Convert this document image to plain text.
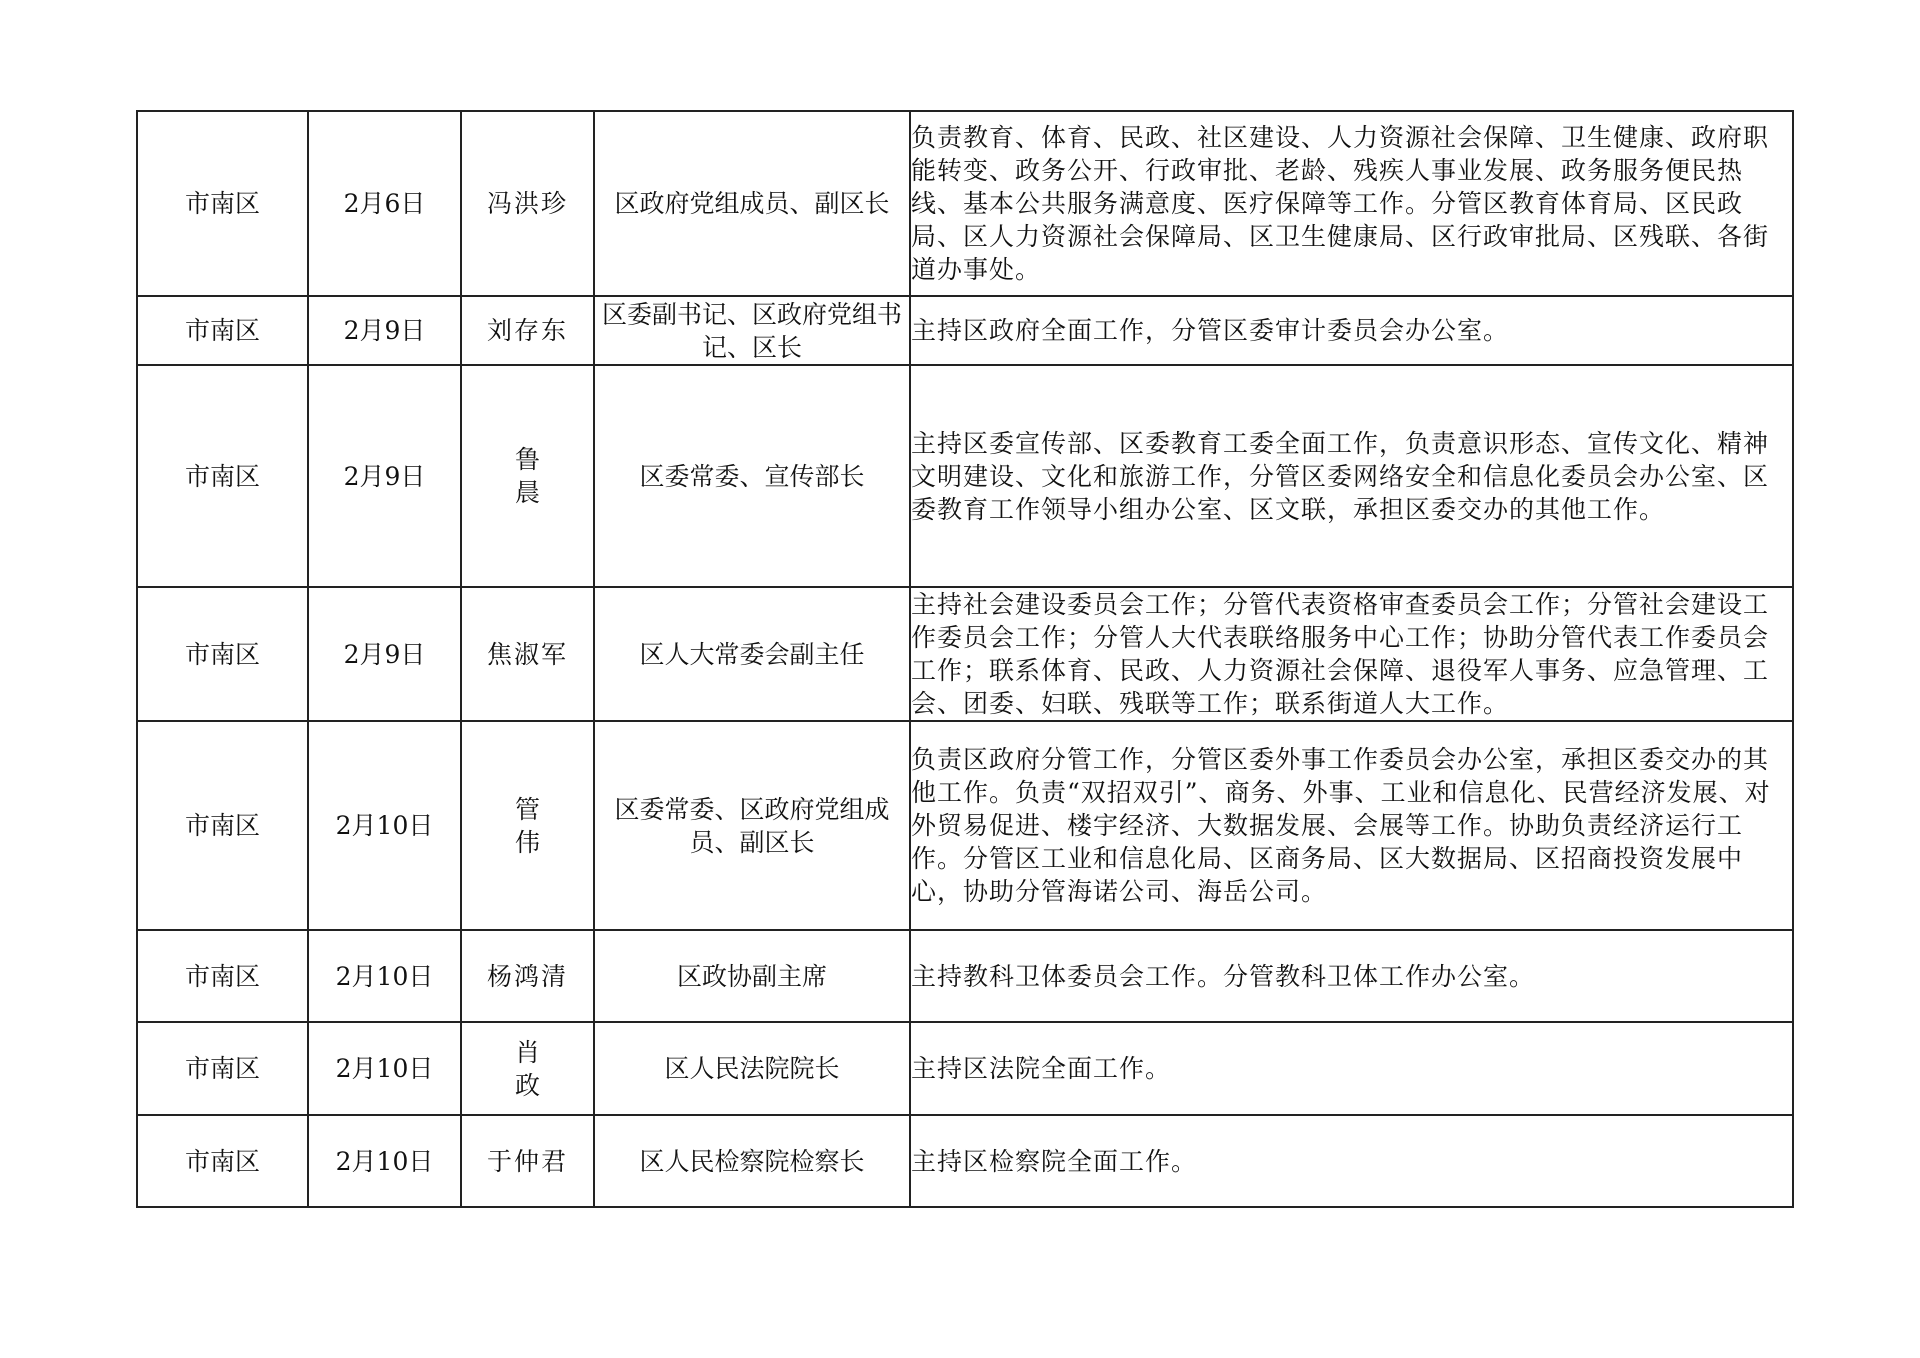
市南区	2月6日	冯洪珍	区政府党组成员、副区长	负责教育、体育、民政、社区建设、人力资源社会保障、卫生健康、政府职能转变、政务公开、行政审批、老龄、残疾人事业发展、政务服务便民热线、基本公共服务满意度、医疗保障等工作。分管区教育体育局、区民政局、区人力资源社会保障局、区卫生健康局、区行政审批局、区残联、各街道办事处。
市南区	2月9日	刘存东	区委副书记、区政府党组书记、区长	主持区政府全面工作，分管区委审计委员会办公室。
市南区	2月9日	鲁晨	区委常委、宣传部长	主持区委宣传部、区委教育工委全面工作，负责意识形态、宣传文化、精神文明建设、文化和旅游工作，分管区委网络安全和信息化委员会办公室、区委教育工作领导小组办公室、区文联，承担区委交办的其他工作。
市南区	2月9日	焦淑军	区人大常委会副主任	主持社会建设委员会工作；分管代表资格审查委员会工作；分管社会建设工作委员会工作；分管人大代表联络服务中心工作；协助分管代表工作委员会工作；联系体育、民政、人力资源社会保障、退役军人事务、应急管理、工会、团委、妇联、残联等工作；联系街道人大工作。
市南区	2月10日	管伟	区委常委、区政府党组成员、副区长	负责区政府分管工作，分管区委外事工作委员会办公室，承担区委交办的其他工作。负责“双招双引”、商务、外事、工业和信息化、民营经济发展、对外贸易促进、楼宇经济、大数据发展、会展等工作。协助负责经济运行工作。分管区工业和信息化局、区商务局、区大数据局、区招商投资发展中心，协助分管海诺公司、海岳公司。
市南区	2月10日	杨鸿清	区政协副主席	主持教科卫体委员会工作。分管教科卫体工作办公室。
市南区	2月10日	肖政	区人民法院院长	主持区法院全面工作。
市南区	2月10日	于仲君	区人民检察院检察长	主持区检察院全面工作。
